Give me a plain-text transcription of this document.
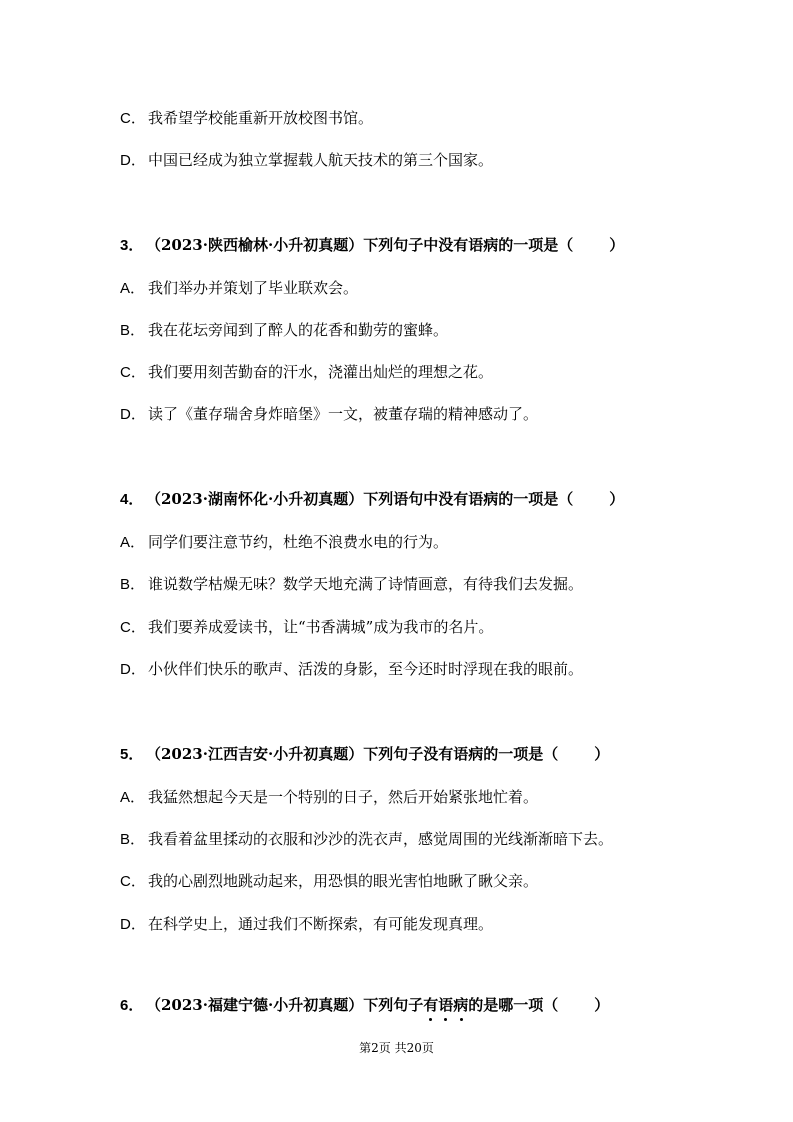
C． 我希望学校能重新开放校图书馆。
D． 中国已经成为独立掌握载人航天技术的第三个国家。
3． （2023·陕西榆林·小升初真题）下列句子中没有语病的一项是（ ）
A． 我们举办并策划了毕业联欢会。
B． 我在花坛旁闻到了醉人的花香和勤劳的蜜蜂。
C． 我们要用刻苦勤奋的汗水，浇灌出灿烂的理想之花。
D． 读了《董存瑞舍身炸暗堡》一文，被董存瑞的精神感动了。
4． （2023·湖南怀化·小升初真题）下列语句中没有语病的一项是（ ）
A． 同学们要注意节约，杜绝不浪费水电的行为。
B． 谁说数学枯燥无味？数学天地充满了诗情画意，有待我们去发掘。
C． 我们要养成爱读书，让“书香满城”成为我市的名片。
D． 小伙伴们快乐的歌声、活泼的身影，至今还时时浮现在我的眼前。
5． （2023·江西吉安·小升初真题）下列句子没有语病的一项是（ ）
A． 我猛然想起今天是一个特别的日子，然后开始紧张地忙着。
B． 我看着盆里揉动的衣服和沙沙的洗衣声，感觉周围的光线渐渐暗下去。
C． 我的心剧烈地跳动起来，用恐惧的眼光害怕地瞅了瞅父亲。
D． 在科学史上，通过我们不断探索，有可能发现真理。
6． （2023·福建宁德·小升初真题）下列句子有语病
的是哪一项（ ）
第2页 共20页
